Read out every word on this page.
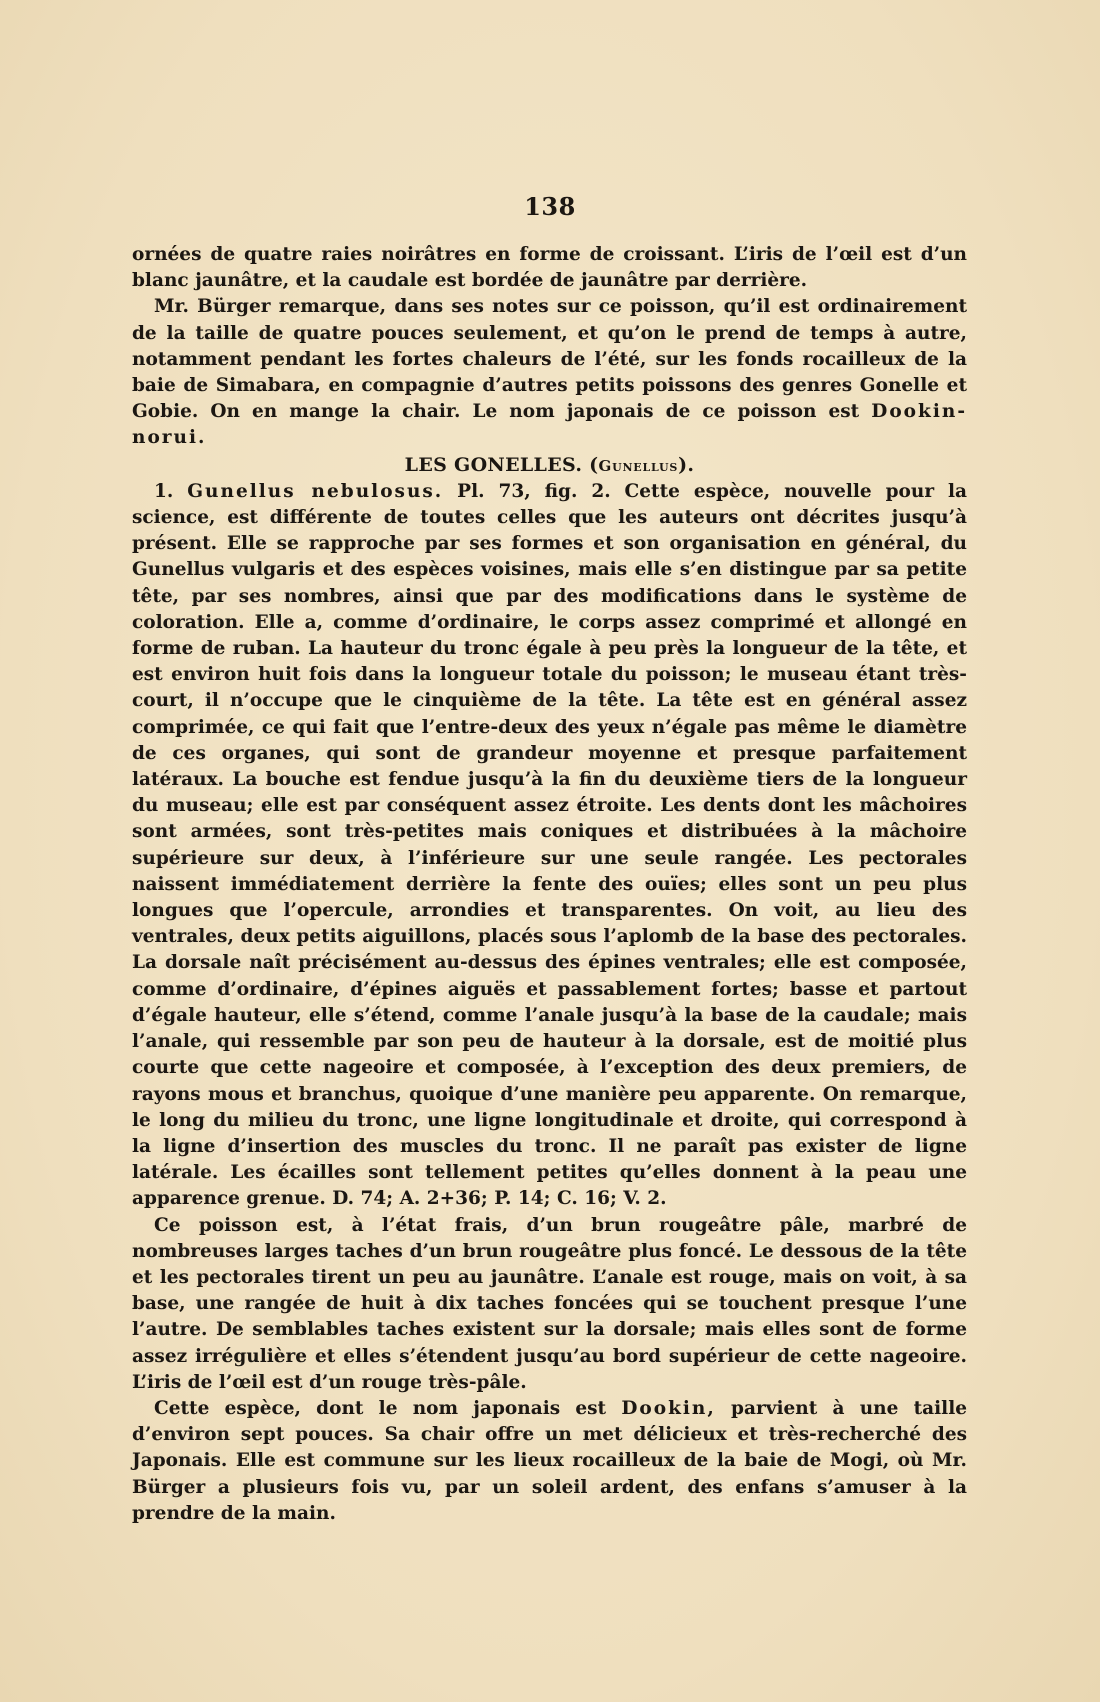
138

ornées de quatre raies noirâtres en forme de croissant. L’iris de l’œil est d’un blanc jaunâtre, et la caudale est bordée de jaunâtre par derrière.

Mr. Bürger remarque, dans ses notes sur ce poisson, qu’il est ordinairement de la taille de quatre pouces seulement, et qu’on le prend de temps à autre, notamment pendant les fortes chaleurs de l’été, sur les fonds rocailleux de la baie de Simabara, en compagnie d’autres petits poissons des genres Gonelle et Gobie. On en mange la chair. Le nom japonais de ce poisson est Dookin-norui.

LES GONELLES. (Gunellus).

1. Gunellus nebulosus. Pl. 73, fig. 2. Cette espèce, nouvelle pour la science, est différente de toutes celles que les auteurs ont décrites jusqu’à présent. Elle se rapproche par ses formes et son organisation en général, du Gunellus vulgaris et des espèces voisines, mais elle s’en distingue par sa petite tête, par ses nombres, ainsi que par des modifications dans le système de coloration. Elle a, comme d’ordinaire, le corps assez comprimé et allongé en forme de ruban. La hauteur du tronc égale à peu près la longueur de la tête, et est environ huit fois dans la longueur totale du poisson; le museau étant très-court, il n’occupe que le cinquième de la tête. La tête est en général assez comprimée, ce qui fait que l’entre-deux des yeux n’égale pas même le diamètre de ces organes, qui sont de grandeur moyenne et presque parfaitement latéraux. La bouche est fendue jusqu’à la fin du deuxième tiers de la longueur du museau; elle est par conséquent assez étroite. Les dents dont les mâchoires sont armées, sont très-petites mais coniques et distribuées à la mâchoire supérieure sur deux, à l’inférieure sur une seule rangée. Les pectorales naissent immédiatement derrière la fente des ouïes; elles sont un peu plus longues que l’opercule, arrondies et transparentes. On voit, au lieu des ventrales, deux petits aiguillons, placés sous l’aplomb de la base des pectorales. La dorsale naît précisément au-dessus des épines ventrales; elle est composée, comme d’ordinaire, d’épines aiguës et passablement fortes; basse et partout d’égale hauteur, elle s’étend, comme l’anale jusqu’à la base de la caudale; mais l’anale, qui ressemble par son peu de hauteur à la dorsale, est de moitié plus courte que cette nageoire et composée, à l’exception des deux premiers, de rayons mous et branchus, quoique d’une manière peu apparente. On remarque, le long du milieu du tronc, une ligne longitudinale et droite, qui correspond à la ligne d’insertion des muscles du tronc. Il ne paraît pas exister de ligne latérale. Les écailles sont tellement petites qu’elles donnent à la peau une apparence grenue. D. 74; A. 2+36; P. 14; C. 16; V. 2.

Ce poisson est, à l’état frais, d’un brun rougeâtre pâle, marbré de nombreuses larges taches d’un brun rougeâtre plus foncé. Le dessous de la tête et les pectorales tirent un peu au jaunâtre. L’anale est rouge, mais on voit, à sa base, une rangée de huit à dix taches foncées qui se touchent presque l’une l’autre. De semblables taches existent sur la dorsale; mais elles sont de forme assez irrégulière et elles s’étendent jusqu’au bord supérieur de cette nageoire. L’iris de l’œil est d’un rouge très-pâle.

Cette espèce, dont le nom japonais est Dookin, parvient à une taille d’environ sept pouces. Sa chair offre un met délicieux et très-recherché des Japonais. Elle est commune sur les lieux rocailleux de la baie de Mogi, où Mr. Bürger a plusieurs fois vu, par un soleil ardent, des enfans s’amuser à la prendre de la main.
